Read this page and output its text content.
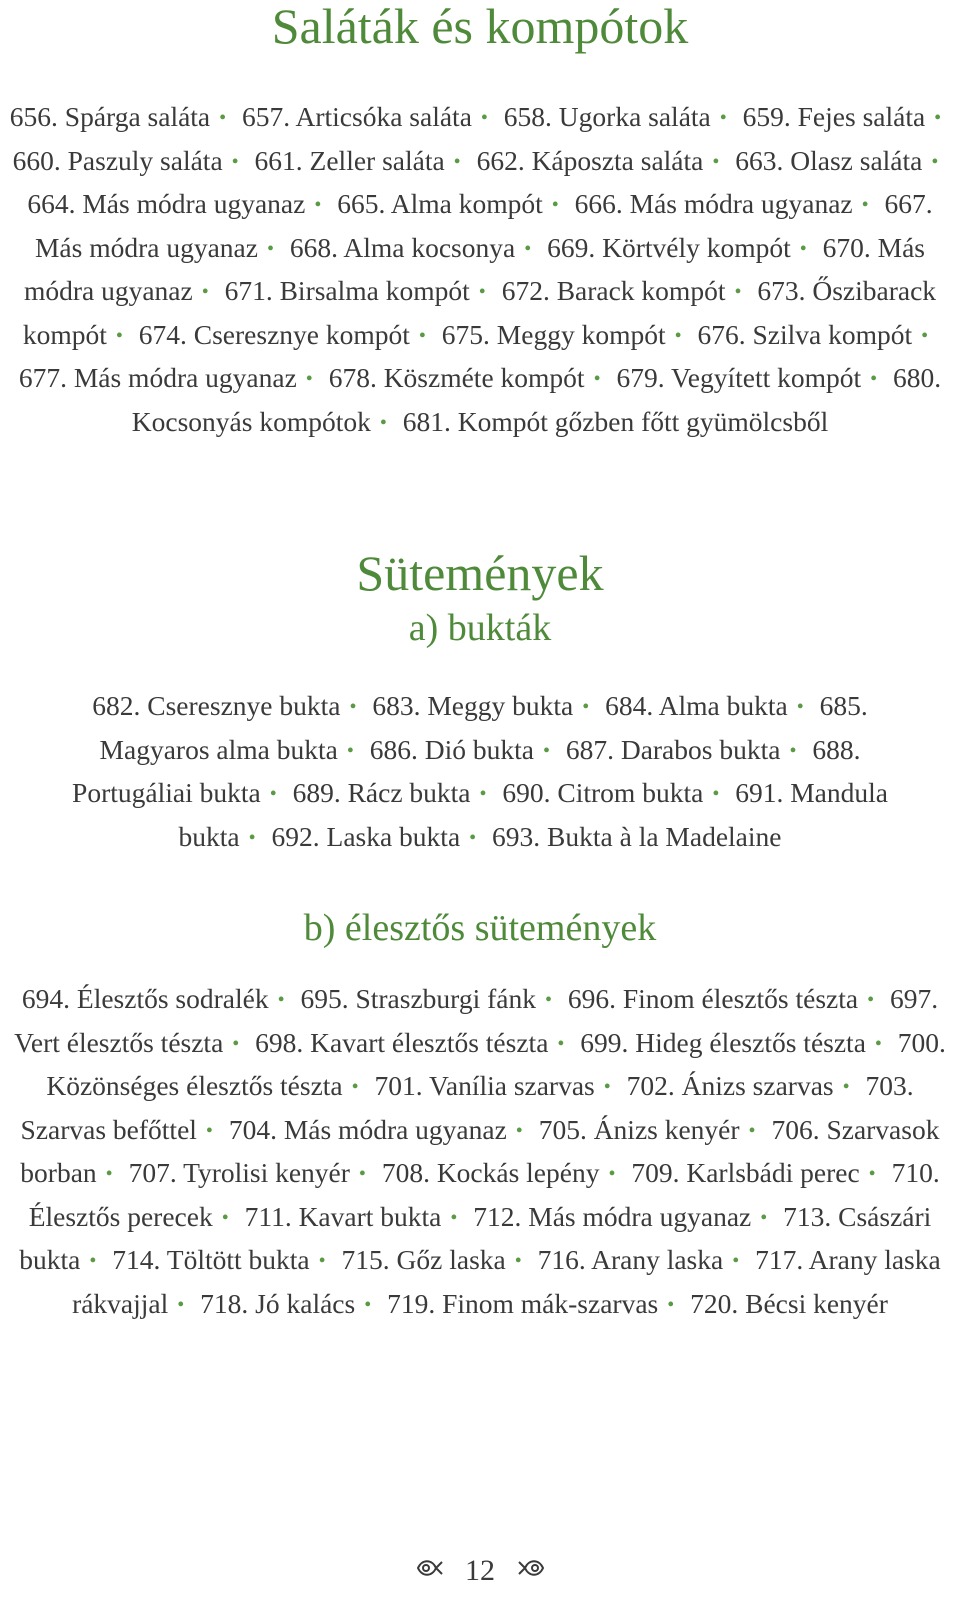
Saláták és kompótok

656. Spárga saláta • 657. Articsóka saláta • 658. Ugorka saláta • 659. Fejes saláta • 660. Paszuly saláta • 661. Zeller saláta • 662. Káposzta saláta • 663. Olasz saláta • 664. Más módra ugyanaz • 665. Alma kompót • 666. Más módra ugyanaz • 667. Más módra ugyanaz • 668. Alma kocsonya • 669. Körtvély kompót • 670. Más módra ugyanaz • 671. Birsalma kompót • 672. Barack kompót • 673. Őszibarack kompót • 674. Cseresznye kompót • 675. Meggy kompót • 676. Szilva kompót • 677. Más módra ugyanaz • 678. Köszméte kompót • 679. Vegyített kompót • 680. Kocsonyás kompótok • 681. Kompót gőzben főtt gyümölcsből

Sütemények
a) bukták

682. Cseresznye bukta • 683. Meggy bukta • 684. Alma bukta • 685. Magyaros alma bukta • 686. Dió bukta • 687. Darabos bukta • 688. Portugáliai bukta • 689. Rácz bukta • 690. Citrom bukta • 691. Mandula bukta • 692. Laska bukta • 693. Bukta à la Madelaine

b) élesztős sütemények

694. Élesztős sodralék • 695. Straszburgi fánk • 696. Finom élesztős tészta • 697. Vert élesztős tészta • 698. Kavart élesztős tészta • 699. Hideg élesztős tészta • 700. Közönséges élesztős tészta • 701. Vanília szarvas • 702. Ánizs szarvas • 703. Szarvas befőttel • 704. Más módra ugyanaz • 705. Ánizs kenyér • 706. Szarvasok borban • 707. Tyrolisi kenyér • 708. Kockás lepény • 709. Karlsbádi perec • 710. Élesztős perecek • 711. Kavart bukta • 712. Más módra ugyanaz • 713. Császári bukta • 714. Töltött bukta • 715. Gőz laska • 716. Arany laska • 717. Arany laska rákvajjal • 718. Jó kalács • 719. Finom mák-szarvas • 720. Bécsi kenyér

12
